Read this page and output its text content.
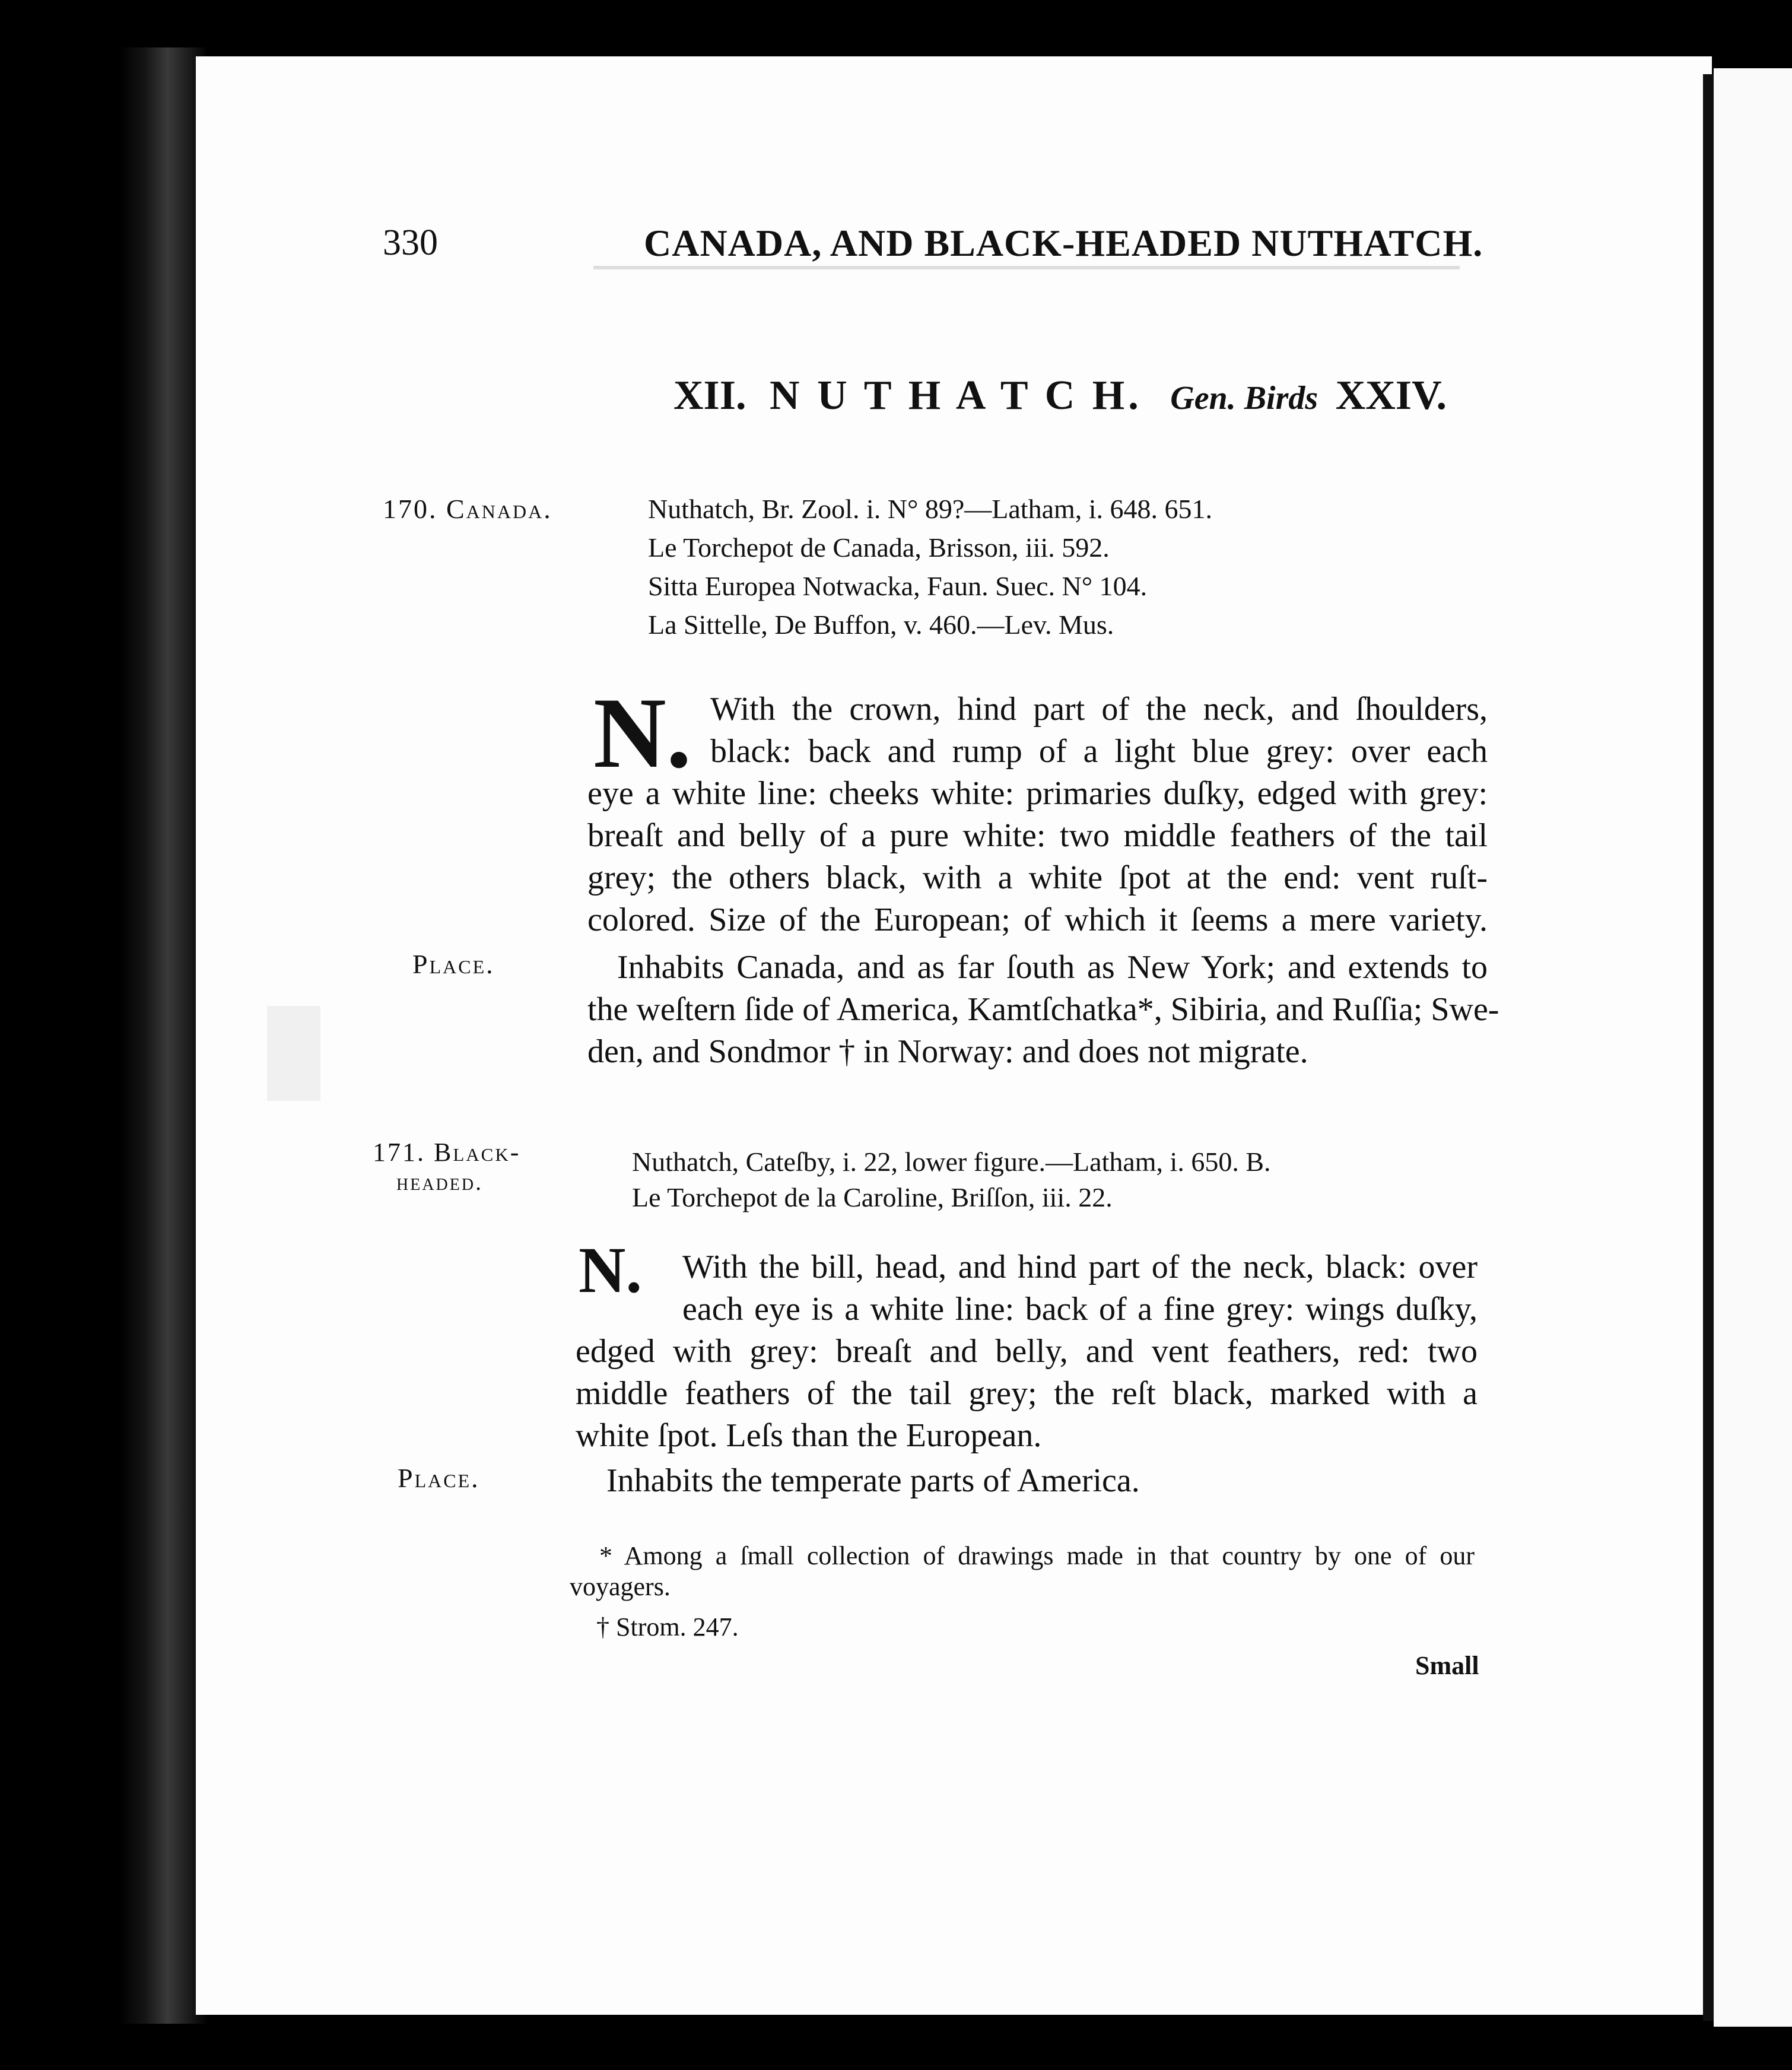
330	CANADA, AND BLACK-HEADED NUTHATCH.
XII. N U T H A T C H. Gen. Birds XXIV.
170. Canada.	Nuthatch, Br. Zool. i. N° 89?—Latham, i. 648. 651.
Le Torchepot de Canada, Brisson, iii. 592.
Sitta Europea Notwacka, Faun. Suec. N° 104.
La Sittelle, De Buffon, v. 460.—Lev. Mus.
N. With the crown, hind part of the neck, and ſhoulders,
black: back and rump of a light blue grey: over each
eye a white line: cheeks white: primaries duſky, edged with grey:
breaſt and belly of a pure white: two middle feathers of the tail
grey; the others black, with a white ſpot at the end: vent ruſt-
colored. Size of the European; of which it ſeems a mere variety.
Place.	Inhabits Canada, and as far ſouth as New York; and extends to
the weſtern ſide of America, Kamtſchatka*, Sibiria, and Ruſſia; Swe-
den, and Sondmor † in Norway: and does not migrate.
171. Black-
headed.
Nuthatch, Cateſby, i. 22, lower figure.—Latham, i. 650. B.
Le Torchepot de la Caroline, Briſſon, iii. 22.
N. With the bill, head, and hind part of the neck, black: over
each eye is a white line: back of a fine grey: wings duſky,
edged with grey: breaſt and belly, and vent feathers, red: two
middle feathers of the tail grey; the reſt black, marked with a
white ſpot. Leſs than the European.
Place.	Inhabits the temperate parts of America.
* Among a ſmall collection of drawings made in that country by one of our
voyagers.
† Strom. 247.
Small
